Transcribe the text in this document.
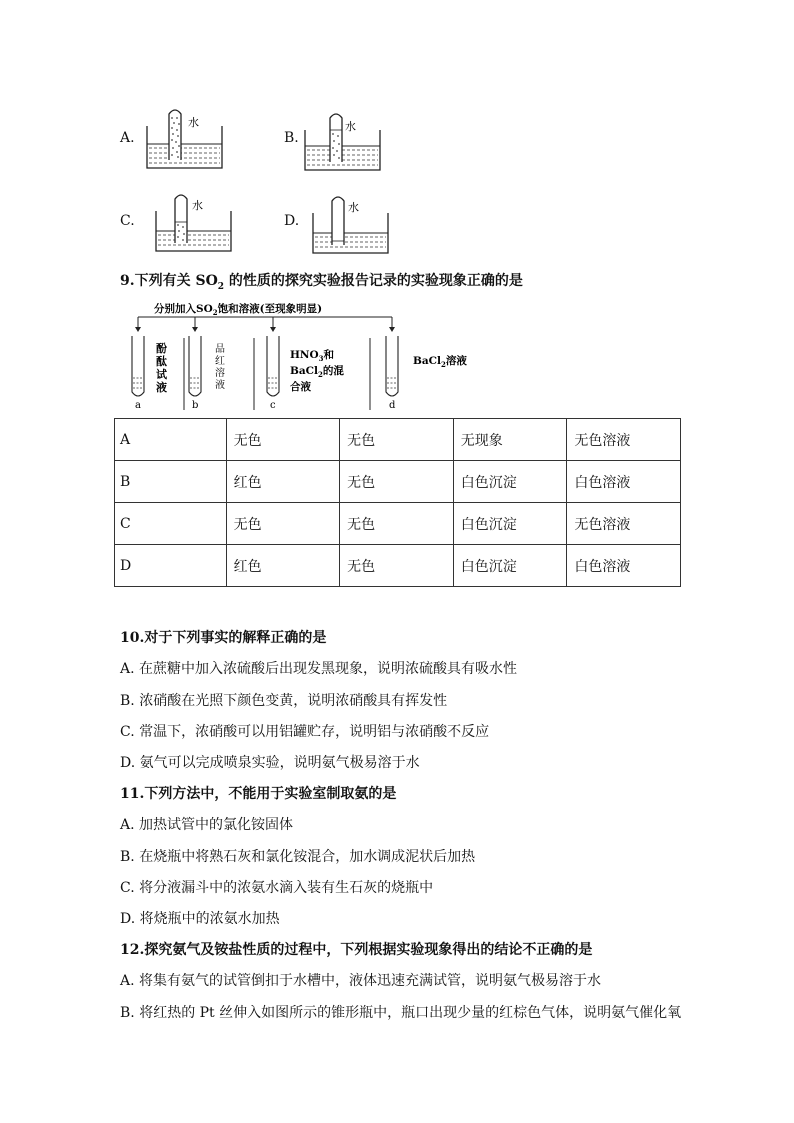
A.
水
B.
水
C.
水
D.
水
9.下列有关 $SO_2$ 的性质的探究实验报告记录的实验现象正确的是
分别加入$SO_2$饱和溶液(至现象明显)
酚
酞
试
液
品
红
溶
液
$HNO_3$和
BaCl$_2$的混
合液
BaCl$_2$溶液
a	b	c	d
A	无色	无色	无现象	无色溶液
B	红色	无色	白色沉淀	白色溶液
C	无色	无色	白色沉淀	无色溶液
D	红色	无色	白色沉淀	白色溶液
10.对于下列事实的解释正确的是
A. 在蔗糖中加入浓硫酸后出现发黑现象，说明浓硫酸具有吸水性
B. 浓硝酸在光照下颜色变黄，说明浓硝酸具有挥发性
C. 常温下，浓硝酸可以用铝罐贮存，说明铝与浓硝酸不反应
D. 氨气可以完成喷泉实验，说明氨气极易溶于水
11.下列方法中，不能用于实验室制取氨的是
A. 加热试管中的氯化铵固体
B. 在烧瓶中将熟石灰和氯化铵混合，加水调成泥状后加热
C. 将分液漏斗中的浓氨水滴入装有生石灰的烧瓶中
D. 将烧瓶中的浓氨水加热
12.探究氨气及铵盐性质的过程中，下列根据实验现象得出的结论不正确的是
A. 将集有氨气的试管倒扣于水槽中，液体迅速充满试管，说明氨气极易溶于水
B. 将红热的 Pt 丝伸入如图所示的锥形瓶中，瓶口出现少量的红棕色气体，说明氨气催化氧
